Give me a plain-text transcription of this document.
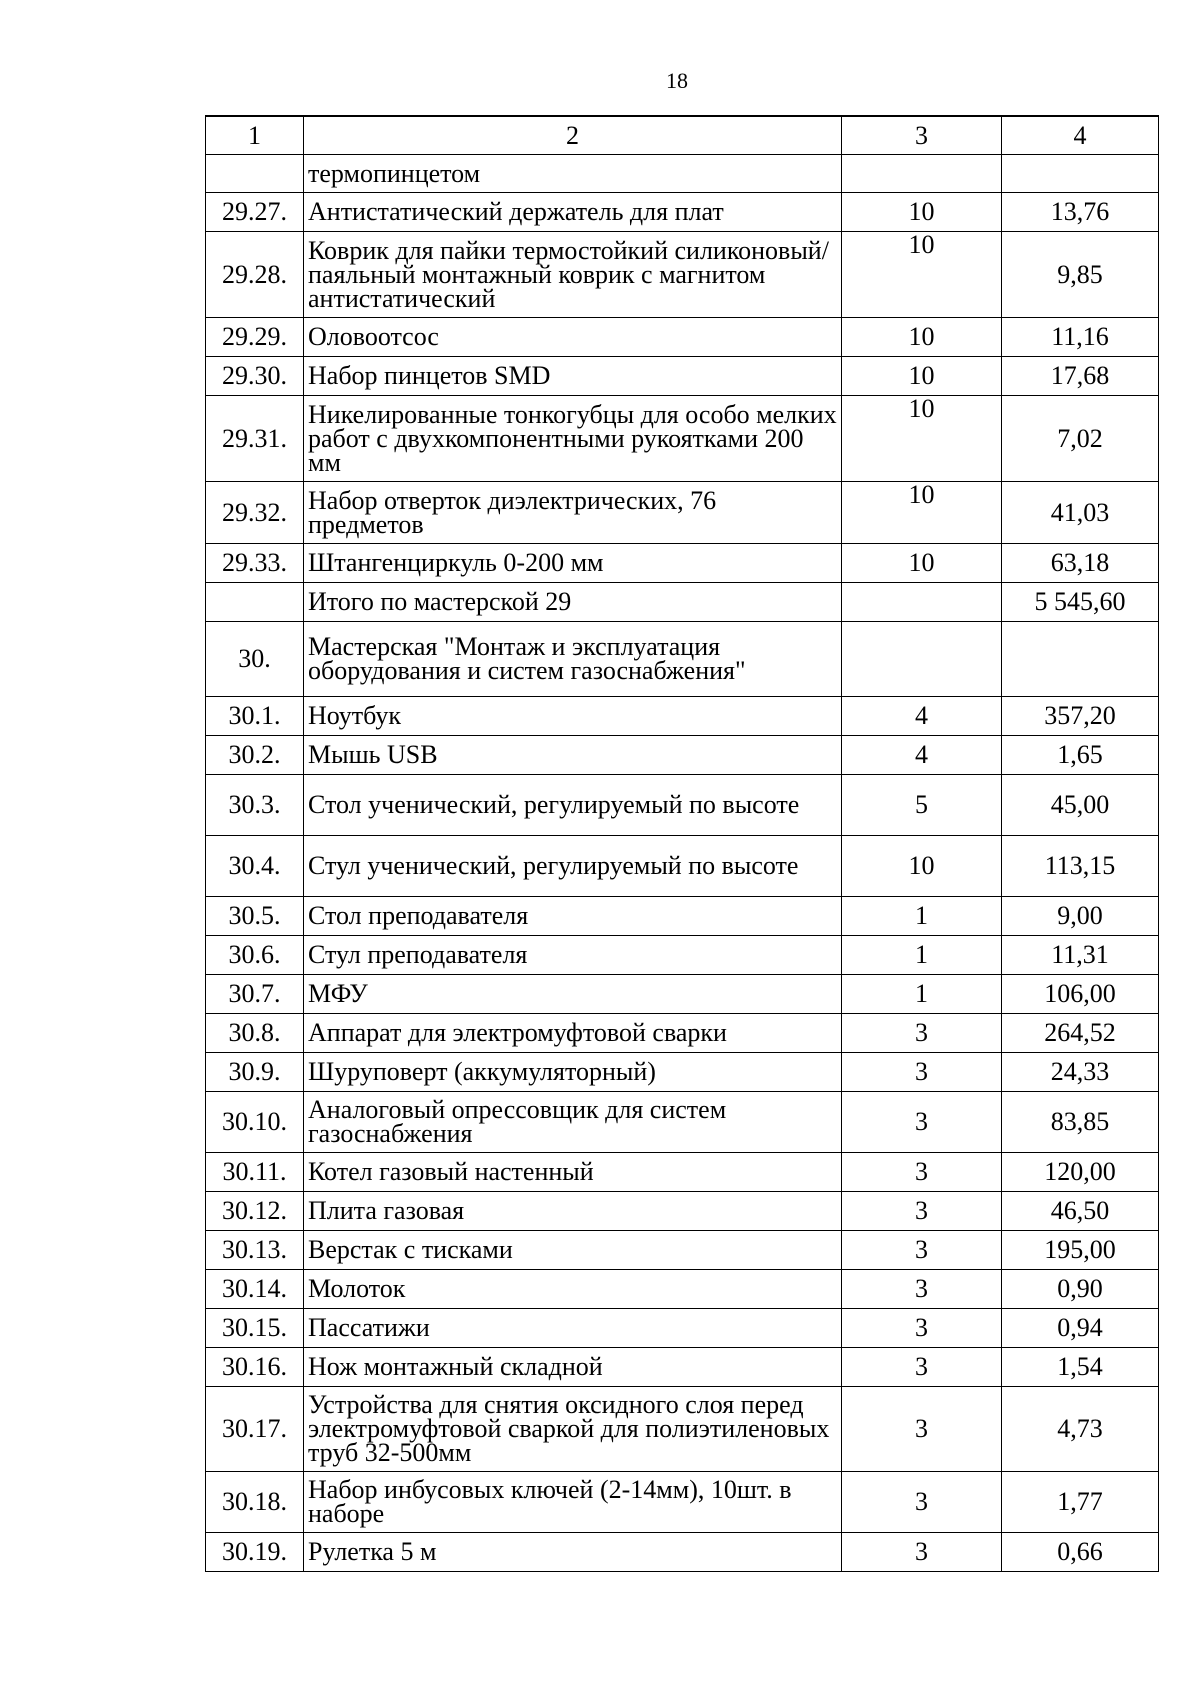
18
1	2	3	4
	термопинцетом		
29.27.	Антистатический держатель для плат	10	13,76
29.28.	Коврик для пайки термостойкий силиконовый/паяльный монтажный коврик с магнитом антистатический	10	9,85
29.29.	Оловоотсос	10	11,16
29.30.	Набор пинцетов SMD	10	17,68
29.31.	Никелированные тонкогубцы для особо мелких работ с двухкомпонентными рукоятками 200 мм	10	7,02
29.32.	Набор отверток диэлектрических, 76 предметов	10	41,03
29.33.	Штангенциркуль 0-200 мм	10	63,18
	Итого по мастерской 29		5 545,60
30.	Мастерская "Монтаж и эксплуатация оборудования и систем газоснабжения"		
30.1.	Ноутбук	4	357,20
30.2.	Мышь USB	4	1,65
30.3.	Стол ученический, регулируемый по высоте	5	45,00
30.4.	Стул ученический, регулируемый по высоте	10	113,15
30.5.	Стол преподавателя	1	9,00
30.6.	Стул преподавателя	1	11,31
30.7.	МФУ	1	106,00
30.8.	Аппарат для электромуфтовой сварки	3	264,52
30.9.	Шуруповерт (аккумуляторный)	3	24,33
30.10.	Аналоговый опрессовщик для систем газоснабжения	3	83,85
30.11.	Котел газовый настенный	3	120,00
30.12.	Плита газовая	3	46,50
30.13.	Верстак с тисками	3	195,00
30.14.	Молоток	3	0,90
30.15.	Пассатижи	3	0,94
30.16.	Нож монтажный складной	3	1,54
30.17.	Устройства для снятия оксидного слоя перед электромуфтовой сваркой для полиэтиленовых труб 32-500мм	3	4,73
30.18.	Набор инбусовых ключей (2-14мм), 10шт. в наборе	3	1,77
30.19.	Рулетка 5 м	3	0,66
